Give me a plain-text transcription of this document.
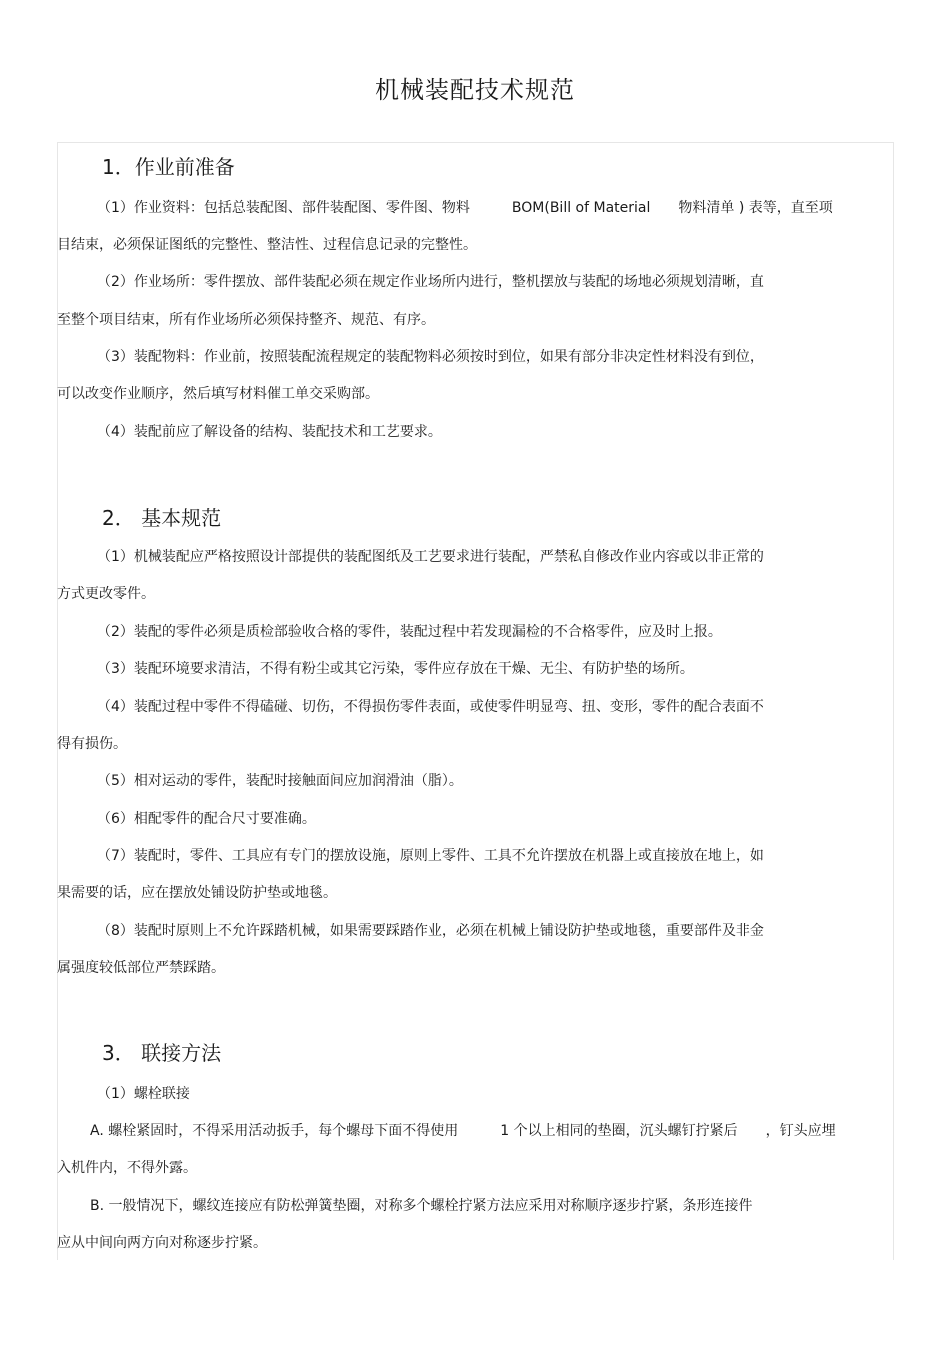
机械装配技术规范
1．作业前准备
（1）作业资料：包括总装配图、部件装配图、零件图、物料　　　BOM(Bill of Material　　物料清单 ) 表等，直至项
目结束，必须保证图纸的完整性、整洁性、过程信息记录的完整性。
（2）作业场所：零件摆放、部件装配必须在规定作业场所内进行，整机摆放与装配的场地必须规划清晰，直
至整个项目结束，所有作业场所必须保持整齐、规范、有序。
（3）装配物料：作业前，按照装配流程规定的装配物料必须按时到位，如果有部分非决定性材料没有到位，
可以改变作业顺序，然后填写材料催工单交采购部。
（4）装配前应了解设备的结构、装配技术和工艺要求。
2． 基本规范
（1）机械装配应严格按照设计部提供的装配图纸及工艺要求进行装配，严禁私自修改作业内容或以非正常的
方式更改零件。
（2）装配的零件必须是质检部验收合格的零件，装配过程中若发现漏检的不合格零件，应及时上报。
（3）装配环境要求清洁，不得有粉尘或其它污染，零件应存放在干燥、无尘、有防护垫的场所。
（4）装配过程中零件不得磕碰、切伤，不得损伤零件表面，或使零件明显弯、扭、变形，零件的配合表面不
得有损伤。
（5）相对运动的零件，装配时接触面间应加润滑油（脂）。
（6）相配零件的配合尺寸要准确。
（7）装配时，零件、工具应有专门的摆放设施，原则上零件、工具不允许摆放在机器上或直接放在地上，如
果需要的话，应在摆放处铺设防护垫或地毯。
（8）装配时原则上不允许踩踏机械，如果需要踩踏作业，必须在机械上铺设防护垫或地毯，重要部件及非金
属强度较低部位严禁踩踏。
3． 联接方法
（1）螺栓联接
A. 螺栓紧固时，不得采用活动扳手，每个螺母下面不得使用　　　1 个以上相同的垫圈，沉头螺钉拧紧后　　，钉头应埋
入机件内，不得外露。
B. 一般情况下，螺纹连接应有防松弹簧垫圈，对称多个螺栓拧紧方法应采用对称顺序逐步拧紧，条形连接件
应从中间向两方向对称逐步拧紧。
